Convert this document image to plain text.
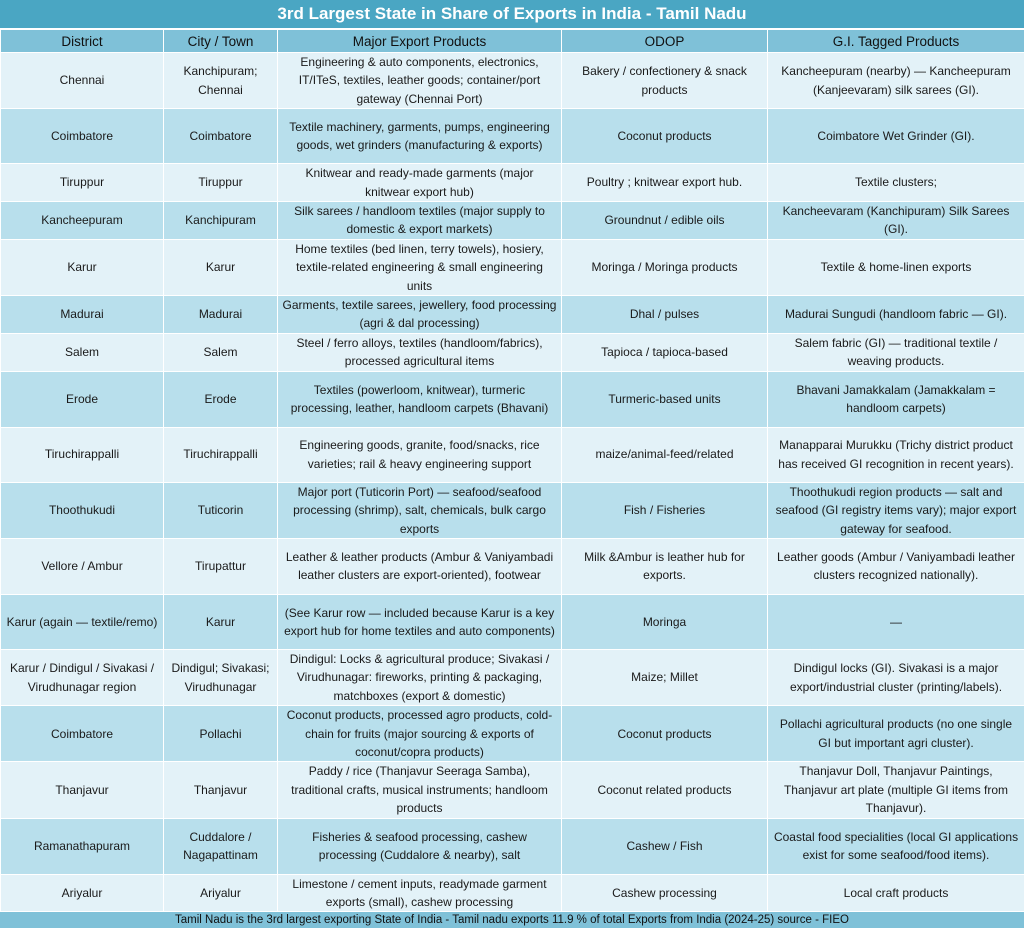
3rd Largest State in Share of Exports in India - Tamil Nadu
District	City / Town	Major Export Products	ODOP	G.I. Tagged Products
Chennai	Kanchipuram; Chennai	Engineering & auto components, electronics, IT/ITeS, textiles, leather goods; container/port gateway (Chennai Port)	Bakery / confectionery & snack products	Kancheepuram (nearby) — Kancheepuram (Kanjeevaram) silk sarees (GI).
Coimbatore	Coimbatore	Textile machinery, garments, pumps, engineering goods, wet grinders (manufacturing & exports)	Coconut products	Coimbatore Wet Grinder (GI).
Tiruppur	Tiruppur	Knitwear and ready-made garments (major knitwear export hub)	Poultry ; knitwear export hub.	Textile clusters;
Kancheepuram	Kanchipuram	Silk sarees / handloom textiles (major supply to domestic & export markets)	Groundnut / edible oils	Kancheevaram (Kanchipuram) Silk Sarees (GI).
Karur	Karur	Home textiles (bed linen, terry towels), hosiery, textile-related engineering & small engineering units	Moringa / Moringa products	Textile & home-linen exports
Madurai	Madurai	Garments, textile sarees, jewellery, food processing (agri & dal processing)	Dhal / pulses	Madurai Sungudi (handloom fabric — GI).
Salem	Salem	Steel / ferro alloys, textiles (handloom/fabrics), processed agricultural items	Tapioca / tapioca-based	Salem fabric (GI) — traditional textile / weaving products.
Erode	Erode	Textiles (powerloom, knitwear), turmeric processing, leather, handloom carpets (Bhavani)	Turmeric-based units	Bhavani Jamakkalam (Jamakkalam = handloom carpets)
Tiruchirappalli	Tiruchirappalli	Engineering goods, granite, food/snacks, rice varieties; rail & heavy engineering support	maize/animal-feed/related	Manapparai Murukku (Trichy district product has received GI recognition in recent years).
Thoothukudi	Tuticorin	Major port (Tuticorin Port) — seafood/seafood processing (shrimp), salt, chemicals, bulk cargo exports	Fish / Fisheries	Thoothukudi region products — salt and seafood (GI registry items vary); major export gateway for seafood.
Vellore / Ambur	Tirupattur	Leather & leather products (Ambur & Vaniyambadi leather clusters are export-oriented), footwear	Milk &Ambur is leather hub for exports.	Leather goods (Ambur / Vaniyambadi leather clusters recognized nationally).
Karur (again — textile/remo)	Karur	(See Karur row — included because Karur is a key export hub for home textiles and auto components)	Moringa	—
Karur / Dindigul / Sivakasi / Virudhunagar region	Dindigul; Sivakasi; Virudhunagar	Dindigul: Locks & agricultural produce; Sivakasi / Virudhunagar: fireworks, printing & packaging, matchboxes (export & domestic)	Maize; Millet	Dindigul locks (GI). Sivakasi is a major export/industrial cluster (printing/labels).
Coimbatore	Pollachi	Coconut products, processed agro products, cold-chain for fruits (major sourcing & exports of coconut/copra products)	Coconut products	Pollachi agricultural products (no one single GI but important agri cluster).
Thanjavur	Thanjavur	Paddy / rice (Thanjavur Seeraga Samba), traditional crafts, musical instruments; handloom products	Coconut related products	Thanjavur Doll, Thanjavur Paintings, Thanjavur art plate (multiple GI items from Thanjavur).
Ramanathapuram	Cuddalore / Nagapattinam	Fisheries & seafood processing, cashew processing (Cuddalore & nearby), salt	Cashew / Fish	Coastal food specialities (local GI applications exist for some seafood/food items).
Ariyalur	Ariyalur	Limestone / cement inputs, readymade garment exports (small), cashew processing	Cashew processing	Local craft products
Tamil Nadu is the 3rd largest exporting State of India - Tamil nadu exports 11.9 % of total Exports from India (2024-25) source - FIEO
